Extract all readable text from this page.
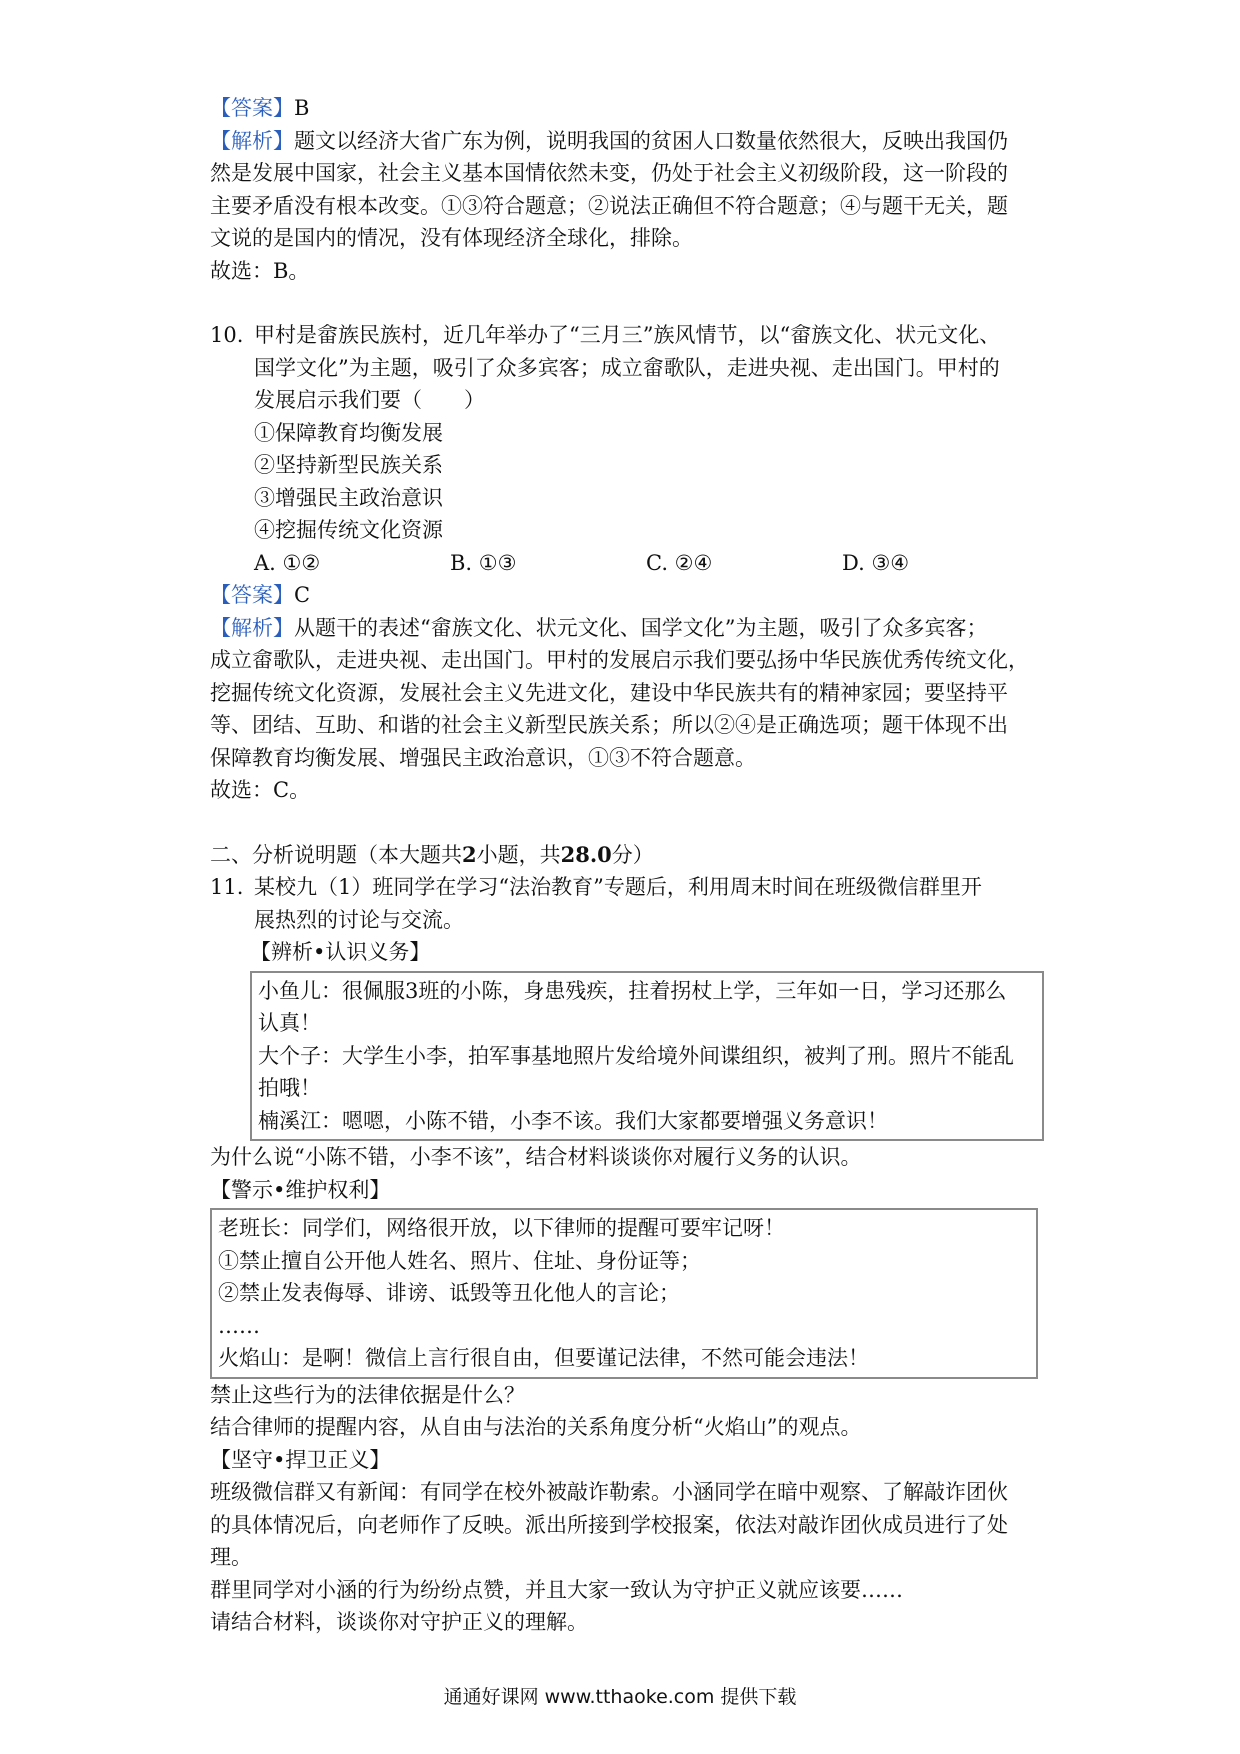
【答案】B
【解析】题文以经济大省广东为例，说明我国的贫困人口数量依然很大，反映出我国仍
然是发展中国家，社会主义基本国情依然未变，仍处于社会主义初级阶段，这一阶段的
主要矛盾没有根本改变。①③符合题意；②说法正确但不符合题意；④与题干无关，题
文说的是国内的情况，没有体现经济全球化，排除。
故选：B。
10. 甲村是畲族民族村，近几年举办了“三月三”族风情节，以“畲族文化、状元文化、
国学文化”为主题，吸引了众多宾客；成立畲歌队，走进央视、走出国门。甲村的
发展启示我们要（　　）
①保障教育均衡发展
②坚持新型民族关系
③增强民主政治意识
④挖掘传统文化资源
A. ①②	B. ①③	C. ②④	D. ③④
【答案】C
【解析】从题干的表述“畲族文化、状元文化、国学文化”为主题，吸引了众多宾客；
成立畲歌队，走进央视、走出国门。甲村的发展启示我们要弘扬中华民族优秀传统文化，
挖掘传统文化资源，发展社会主义先进文化，建设中华民族共有的精神家园；要坚持平
等、团结、互助、和谐的社会主义新型民族关系；所以②④是正确选项；题干体现不出
保障教育均衡发展、增强民主政治意识，①③不符合题意。
故选：C。
二、分析说明题（本大题共2小题，共28.0分）
11. 某校九（1）班同学在学习“法治教育”专题后，利用周末时间在班级微信群里开
展热烈的讨论与交流。
【辨析•认识义务】
小鱼儿：很佩服3班的小陈，身患残疾，拄着拐杖上学，三年如一日，学习还那么
认真！
大个子：大学生小李，拍军事基地照片发给境外间谍组织，被判了刑。照片不能乱
拍哦！
楠溪江：嗯嗯，小陈不错，小李不该。我们大家都要增强义务意识！
为什么说“小陈不错，小李不该”，结合材料谈谈你对履行义务的认识。
【警示•维护权利】
老班长：同学们，网络很开放，以下律师的提醒可要牢记呀！
①禁止擅自公开他人姓名、照片、住址、身份证等；
②禁止发表侮辱、诽谤、诋毁等丑化他人的言论；
……
火焰山：是啊！微信上言行很自由，但要谨记法律，不然可能会违法！
禁止这些行为的法律依据是什么？
结合律师的提醒内容，从自由与法治的关系角度分析“火焰山”的观点。
【坚守•捍卫正义】
班级微信群又有新闻：有同学在校外被敲诈勒索。小涵同学在暗中观察、了解敲诈团伙
的具体情况后，向老师作了反映。派出所接到学校报案，依法对敲诈团伙成员进行了处
理。
群里同学对小涵的行为纷纷点赞，并且大家一致认为守护正义就应该要……
请结合材料，谈谈你对守护正义的理解。
通通好课网 www.tthaoke.com 提供下载
